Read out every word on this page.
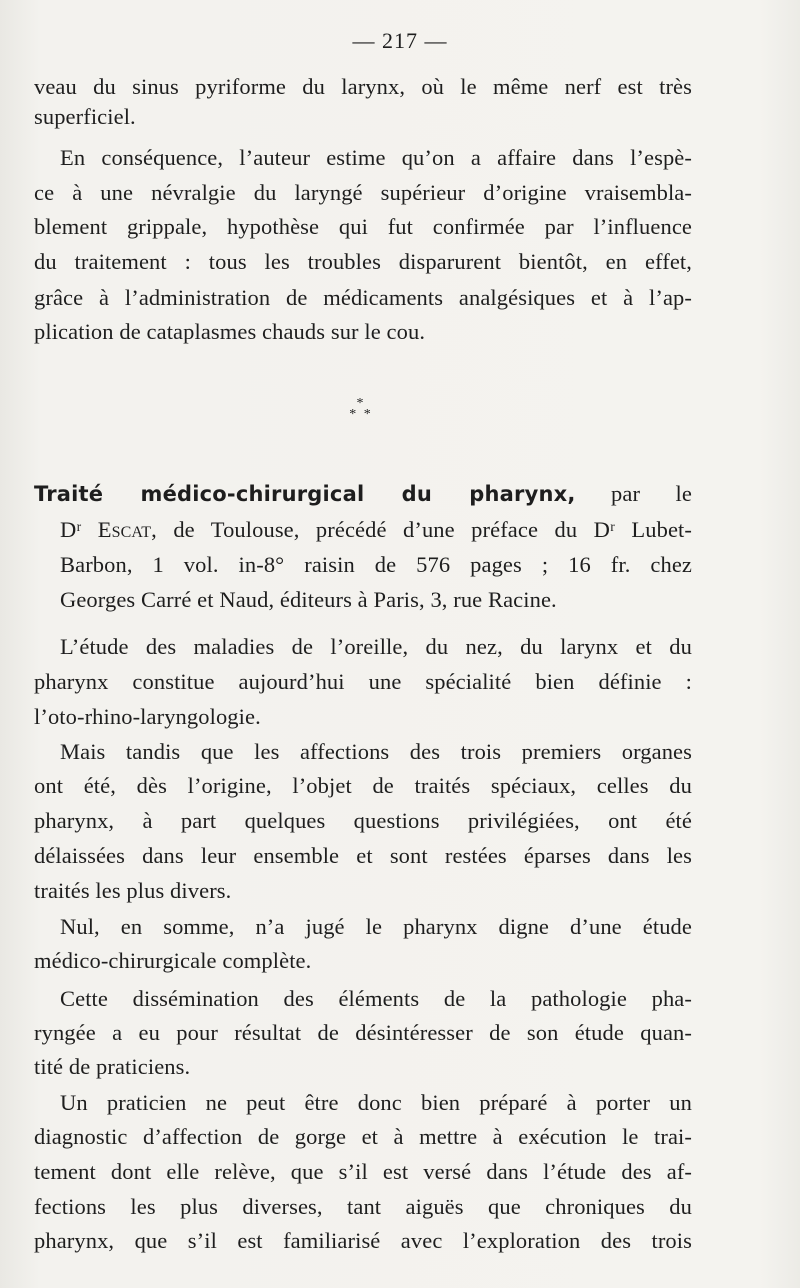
— 217 —
veau du sinus pyriforme du larynx, où le même nerf est très
superficiel.
En conséquence, l’auteur estime qu’on a affaire dans l’espè-
ce à une névralgie du laryngé supérieur d’origine vraisembla-
blement grippale, hypothèse qui fut confirmée par l’influence
du traitement : tous les troubles disparurent bientôt, en effet,
grâce à l’administration de médicaments analgésiques et à l’ap-
plication de cataplasmes chauds sur le cou.
*
* *
Traité médico-chirurgical du pharynx, par le
Dʳ Escat, de Toulouse, précédé d’une préface du Dʳ Lubet-
Barbon, 1 vol. in-8° raisin de 576 pages ; 16 fr. chez
Georges Carré et Naud, éditeurs à Paris, 3, rue Racine.
L’étude des maladies de l’oreille, du nez, du larynx et du
pharynx constitue aujourd’hui une spécialité bien définie :
l’oto-rhino-laryngologie.
Mais tandis que les affections des trois premiers organes
ont été, dès l’origine, l’objet de traités spéciaux, celles du
pharynx, à part quelques questions privilégiées, ont été
délaissées dans leur ensemble et sont restées éparses dans les
traités les plus divers.
Nul, en somme, n’a jugé le pharynx digne d’une étude
médico-chirurgicale complète.
Cette dissémination des éléments de la pathologie pha-
ryngée a eu pour résultat de désintéresser de son étude quan-
tité de praticiens.
Un praticien ne peut être donc bien préparé à porter un
diagnostic d’affection de gorge et à mettre à exécution le trai-
tement dont elle relève, que s’il est versé dans l’étude des af-
fections les plus diverses, tant aiguës que chroniques du
pharynx, que s’il est familiarisé avec l’exploration des trois
